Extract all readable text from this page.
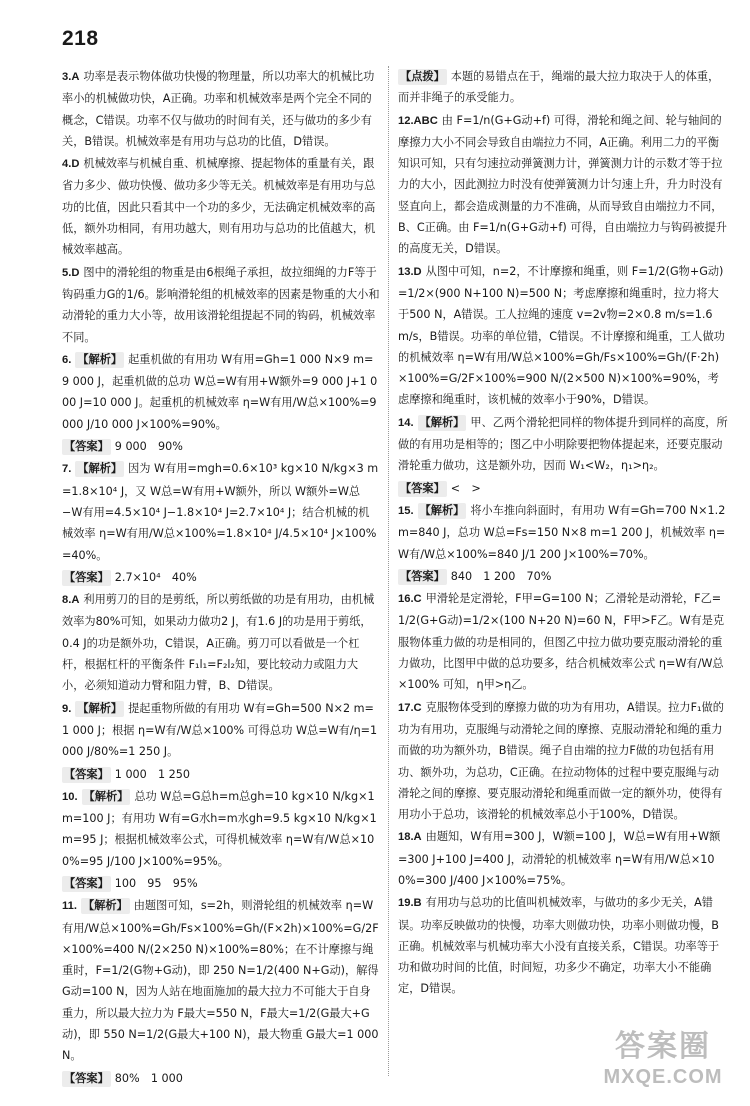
218
3.A 功率是表示物体做功快慢的物理量，所以功率大的机械比功率小的机械做功快，A正确。功率和机械效率是两个完全不同的概念，C错误。功率不仅与做功的时间有关，还与做功的多少有关，B错误。机械效率是有用功与总功的比值，D错误。
4.D 机械效率与机械自重、机械摩擦、提起物体的重量有关，跟省力多少、做功快慢、做功多少等无关。机械效率是有用功与总功的比值，因此只看其中一个功的多少，无法确定机械效率的高低，额外功相同，有用功越大，则有用功与总功的比值越大，机械效率越高。
5.D 图中的滑轮组的物重是由6根绳子承担，故拉细绳的力F等于钩码重力G的1/6。影响滑轮组的机械效率的因素是物重的大小和动滑轮的重力大小等，故用该滑轮组提起不同的钩码，机械效率不同。
6. 【解析】 起重机做的有用功 W有用=Gh=1 000 N×9 m=9 000 J，起重机做的总功 W总=W有用+W额外=9 000 J+1 000 J=10 000 J。起重机的机械效率 η=W有用/W总×100%=9 000 J/10 000 J×100%=90%。
【答案】 9 000　90%
7. 【解析】 因为 W有用=mgh=0.6×10³ kg×10 N/kg×3 m=1.8×10⁴ J，又 W总=W有用+W额外，所以 W额外=W总−W有用=4.5×10⁴ J−1.8×10⁴ J=2.7×10⁴ J；结合机械的机械效率 η=W有用/W总×100%=1.8×10⁴ J/4.5×10⁴ J×100%=40%。
【答案】 2.7×10⁴　40%
8.A 利用剪刀的目的是剪纸，所以剪纸做的功是有用功，由机械效率为80%可知，如果动力做功2 J，有1.6 J的功是用于剪纸，0.4 J的功是额外功，C错误，A正确。剪刀可以看做是一个杠杆，根据杠杆的平衡条件 F₁l₁=F₂l₂知，要比较动力或阻力大小，必须知道动力臂和阻力臂，B、D错误。
9. 【解析】 提起重物所做的有用功 W有=Gh=500 N×2 m=1 000 J；根据 η=W有/W总×100% 可得总功 W总=W有/η=1 000 J/80%=1 250 J。
【答案】 1 000　1 250
10. 【解析】 总功 W总=G总h=m总gh=10 kg×10 N/kg×1 m=100 J；有用功 W有=G水h=m水gh=9.5 kg×10 N/kg×1 m=95 J；根据机械效率公式，可得机械效率 η=W有/W总×100%=95 J/100 J×100%=95%。
【答案】 100　95　95%
11. 【解析】 由题图可知，s=2h，则滑轮组的机械效率 η=W有用/W总×100%=Gh/Fs×100%=Gh/(F×2h)×100%=G/2F×100%=400 N/(2×250 N)×100%=80%；在不计摩擦与绳重时，F=1/2(G物+G动)，即 250 N=1/2(400 N+G动)，解得 G动=100 N，因为人站在地面施加的最大拉力不可能大于自身重力，所以最大拉力为 F最大=550 N，F最大=1/2(G最大+G动)，即 550 N=1/2(G最大+100 N)，最大物重 G最大=1 000 N。
【答案】 80%　1 000
【点拨】 本题的易错点在于，绳端的最大拉力取决于人的体重，而并非绳子的承受能力。
12.ABC 由 F=1/n(G+G动+f) 可得，滑轮和绳之间、轮与轴间的摩擦力大小不同会导致自由端拉力不同，A正确。利用二力的平衡知识可知，只有匀速拉动弹簧测力计，弹簧测力计的示数才等于拉力的大小，因此测拉力时没有使弹簧测力计匀速上升，升力时没有竖直向上，都会造成测量的力不准确，从而导致自由端拉力不同，B、C正确。由 F=1/n(G+G动+f) 可得，自由端拉力与钩码被提升的高度无关，D错误。
13.D 从图中可知，n=2，不计摩擦和绳重，则 F=1/2(G物+G动)=1/2×(900 N+100 N)=500 N；考虑摩擦和绳重时，拉力将大于500 N，A错误。工人拉绳的速度 v=2v物=2×0.8 m/s=1.6 m/s，B错误。功率的单位错，C错误。不计摩擦和绳重，工人做功的机械效率 η=W有用/W总×100%=Gh/Fs×100%=Gh/(F·2h)×100%=G/2F×100%=900 N/(2×500 N)×100%=90%，考虑摩擦和绳重时，该机械的效率小于90%，D错误。
14. 【解析】 甲、乙两个滑轮把同样的物体提升到同样的高度，所做的有用功是相等的；图乙中小明除要把物体提起来，还要克服动滑轮重力做功，这是额外功，因而 W₁<W₂，η₁>η₂。
【答案】 <　>
15. 【解析】 将小车推向斜面时，有用功 W有=Gh=700 N×1.2 m=840 J，总功 W总=Fs=150 N×8 m=1 200 J，机械效率 η=W有/W总×100%=840 J/1 200 J×100%=70%。
【答案】 840　1 200　70%
16.C 甲滑轮是定滑轮，F甲=G=100 N；乙滑轮是动滑轮，F乙=1/2(G+G动)=1/2×(100 N+20 N)=60 N，F甲>F乙。W有是克服物体重力做的功是相同的，但图乙中拉力做功要克服动滑轮的重力做功，比图甲中做的总功要多，结合机械效率公式 η=W有/W总×100% 可知，η甲>η乙。
17.C 克服物体受到的摩擦力做的功为有用功，A错误。拉力F₁做的功为有用功，克服绳与动滑轮之间的摩擦、克服动滑轮和绳的重力而做的功为额外功，B错误。绳子自由端的拉力F做的功包括有用功、额外功，为总功，C正确。在拉动物体的过程中要克服绳与动滑轮之间的摩擦、要克服动滑轮和绳重而做一定的额外功，使得有用功小于总功，该滑轮的机械效率总小于100%，D错误。
18.A 由题知，W有用=300 J，W额=100 J，W总=W有用+W额=300 J+100 J=400 J，动滑轮的机械效率 η=W有用/W总×100%=300 J/400 J×100%=75%。
19.B 有用功与总功的比值叫机械效率，与做功的多少无关，A错误。功率反映做功的快慢，功率大则做功快，功率小则做功慢，B正确。机械效率与机械功率大小没有直接关系，C错误。功率等于功和做功时间的比值，时间短，功多少不确定，功率大小不能确定，D错误。
答案圈
MXQE.COM
